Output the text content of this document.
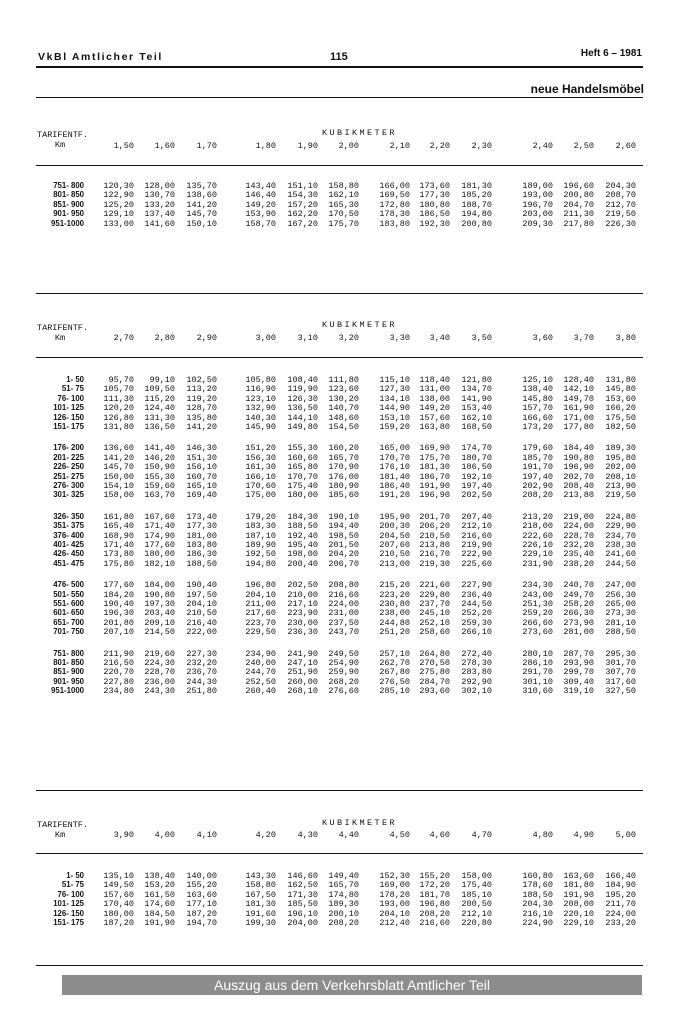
VkBl Amtlicher Teil	115	Heft 6 – 1981
neue Handelsmöbel
KUBIKMETER
TARIFENTF.
Km	1,50	1,60	1,70	1,80	1,90	2,00	2,10	2,20	2,30	2,40	2,50	2,60
751- 800	120,30	128,00	135,70	143,40	151,10	158,80	166,00	173,60	181,30	189,00	196,60	204,30
801- 850	122,90	130,70	138,60	146,40	154,30	162,10	169,50	177,30	185,20	193,00	200,80	208,70
851- 900	125,20	133,20	141,20	149,20	157,20	165,30	172,80	180,80	188,70	196,70	204,70	212,70
901- 950	129,10	137,40	145,70	153,90	162,20	170,50	178,30	186,50	194,80	203,00	211,30	219,50
951-1000	133,00	141,60	150,10	158,70	167,20	175,70	183,80	192,30	200,80	209,30	217,80	226,30
KUBIKMETER
TARIFENTF.
Km	2,70	2,80	2,90	3,00	3,10	3,20	3,30	3,40	3,50	3,60	3,70	3,80
1- 50	95,70	99,10	102,50	105,80	108,40	111,80	115,10	118,40	121,80	125,10	128,40	131,80
51- 75	105,70	109,50	113,20	116,90	119,90	123,60	127,30	131,00	134,70	138,40	142,10	145,80
76- 100	111,30	115,20	119,20	123,10	126,30	130,20	134,10	138,00	141,90	145,80	149,70	153,60
101- 125	120,20	124,40	128,70	132,90	136,50	140,70	144,90	149,20	153,40	157,70	161,90	166,20
126- 150	126,80	131,30	135,80	140,30	144,10	148,60	153,10	157,60	162,10	166,60	171,00	175,50
151- 175	131,80	136,50	141,20	145,90	149,80	154,50	159,20	163,80	168,50	173,20	177,80	182,50
176- 200	136,60	141,40	146,30	151,20	155,30	160,20	165,00	169,90	174,70	179,60	184,40	189,30
201- 225	141,20	146,20	151,30	156,30	160,60	165,70	170,70	175,70	180,70	185,70	190,80	195,80
226- 250	145,70	150,90	156,10	161,30	165,80	170,90	176,10	181,30	186,50	191,70	196,90	202,00
251- 275	150,00	155,30	160,70	166,10	170,70	176,00	181,40	186,70	192,10	197,40	202,70	208,10
276- 300	154,10	159,60	165,10	170,60	175,40	180,90	186,40	191,90	197,40	202,90	208,40	213,90
301- 325	158,00	163,70	169,40	175,00	180,00	185,60	191,20	196,90	202,50	208,20	213,80	219,50
326- 350	161,80	167,60	173,40	179,20	184,30	190,10	195,90	201,70	207,40	213,20	219,00	224,80
351- 375	165,40	171,40	177,30	183,30	188,50	194,40	200,30	206,20	212,10	218,00	224,00	229,90
376- 400	168,90	174,90	181,00	187,10	192,40	198,50	204,50	210,50	216,60	222,60	228,70	234,70
401- 425	171,40	177,60	183,80	189,90	195,40	201,50	207,60	213,80	219,90	226,10	232,20	238,30
426- 450	173,80	180,00	186,30	192,50	198,00	204,20	210,50	216,70	222,90	229,10	235,40	241,60
451- 475	175,80	182,10	188,50	194,80	200,40	206,70	213,00	219,30	225,60	231,90	238,20	244,50
476- 500	177,60	184,00	190,40	196,80	202,50	208,80	215,20	221,60	227,90	234,30	240,70	247,00
501- 550	184,20	190,80	197,50	204,10	210,00	216,60	223,20	229,80	236,40	243,00	249,70	256,30
551- 600	190,40	197,30	204,10	211,00	217,10	224,00	230,80	237,70	244,50	251,30	258,20	265,00
601- 650	196,30	203,40	210,50	217,60	223,90	231,00	238,00	245,10	252,20	259,20	266,30	273,30
651- 700	201,80	209,10	216,40	223,70	230,00	237,50	244,80	252,10	259,30	266,60	273,90	281,10
701- 750	207,10	214,50	222,00	229,50	236,30	243,70	251,20	258,60	266,10	273,60	281,00	288,50
751- 800	211,90	219,60	227,30	234,90	241,90	249,50	257,10	264,80	272,40	280,10	287,70	295,30
801- 850	216,50	224,30	232,20	240,00	247,10	254,90	262,70	270,50	278,30	286,10	293,90	301,70
851- 900	220,70	228,70	236,70	244,70	251,90	259,90	267,80	275,80	283,80	291,70	299,70	307,70
901- 950	227,80	236,00	244,30	252,50	260,00	268,20	276,50	284,70	292,90	301,10	309,40	317,60
951-1000	234,80	243,30	251,80	260,40	268,10	276,60	285,10	293,60	302,10	310,60	319,10	327,50
KUBIKMETER
TARIFENTF.
Km	3,90	4,00	4,10	4,20	4,30	4,40	4,50	4,60	4,70	4,80	4,90	5,00
1- 50	135,10	138,40	140,00	143,30	146,60	149,40	152,30	155,20	158,00	160,80	163,60	166,40
51- 75	149,50	153,20	155,20	158,80	162,50	165,70	169,00	172,20	175,40	178,60	181,80	184,90
76- 100	157,60	161,50	163,60	167,50	171,30	174,80	178,20	181,70	185,10	188,50	191,90	195,20
101- 125	170,40	174,60	177,10	181,30	185,50	189,30	193,00	196,80	200,50	204,30	208,00	211,70
126- 150	180,00	184,50	187,20	191,60	196,10	200,10	204,10	208,20	212,10	216,10	220,10	224,00
151- 175	187,20	191,90	194,70	199,30	204,00	208,20	212,40	216,60	220,80	224,90	229,10	233,20
Auszug aus dem Verkehrsblatt Amtlicher Teil
